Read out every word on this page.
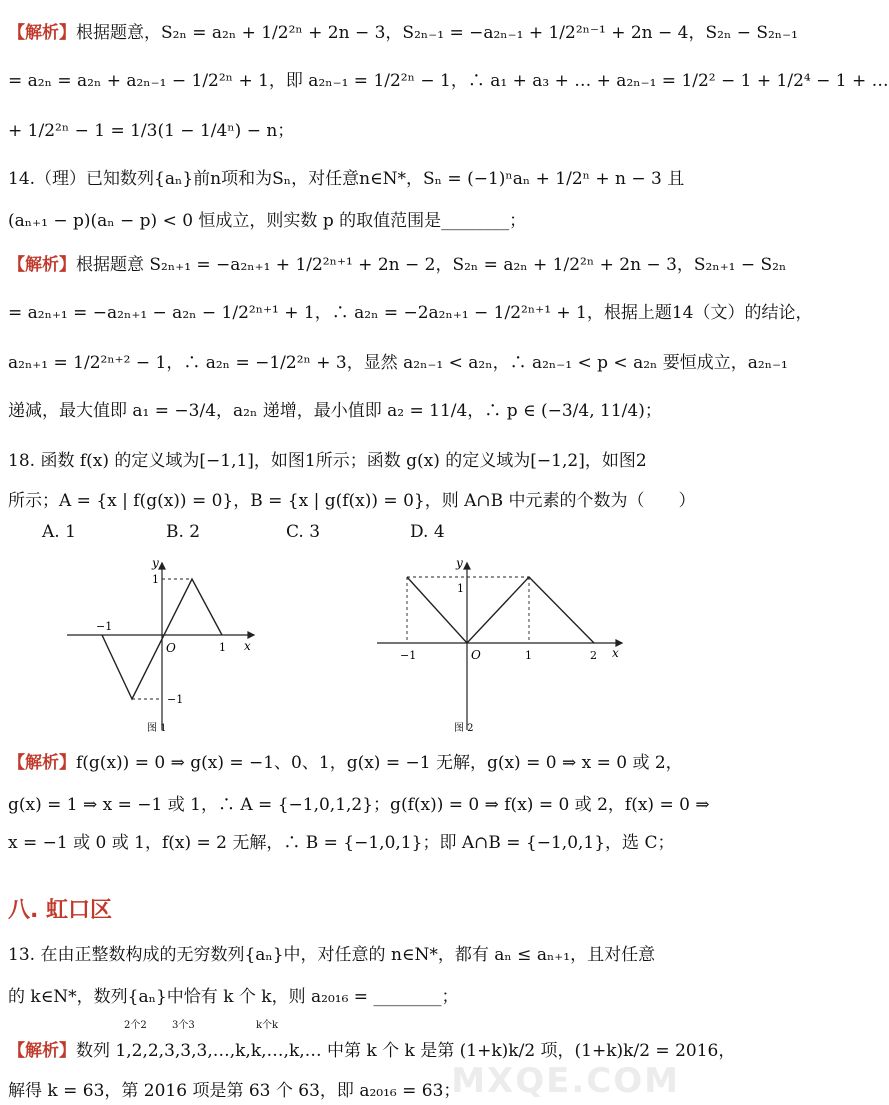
【解析】根据题意，S₂ₙ = a₂ₙ + 1/2²ⁿ + 2n − 3，S₂ₙ₋₁ = −a₂ₙ₋₁ + 1/2²ⁿ⁻¹ + 2n − 4，S₂ₙ − S₂ₙ₋₁
= a₂ₙ = a₂ₙ + a₂ₙ₋₁ − 1/2²ⁿ + 1，即 a₂ₙ₋₁ = 1/2²ⁿ − 1，∴ a₁ + a₃ + … + a₂ₙ₋₁ = 1/2² − 1 + 1/2⁴ − 1 + …
+ 1/2²ⁿ − 1 = 1/3(1 − 1/4ⁿ) − n；
14.（理）已知数列{aₙ}前n项和为Sₙ，对任意n∈N*，Sₙ = (−1)ⁿaₙ + 1/2ⁿ + n − 3 且
(aₙ₊₁ − p)(aₙ − p) < 0 恒成立，则实数 p 的取值范围是________；
【解析】根据题意 S₂ₙ₊₁ = −a₂ₙ₊₁ + 1/2²ⁿ⁺¹ + 2n − 2，S₂ₙ = a₂ₙ + 1/2²ⁿ + 2n − 3，S₂ₙ₊₁ − S₂ₙ
= a₂ₙ₊₁ = −a₂ₙ₊₁ − a₂ₙ − 1/2²ⁿ⁺¹ + 1，∴ a₂ₙ = −2a₂ₙ₊₁ − 1/2²ⁿ⁺¹ + 1，根据上题14（文）的结论，
a₂ₙ₊₁ = 1/2²ⁿ⁺² − 1，∴ a₂ₙ = −1/2²ⁿ + 3，显然 a₂ₙ₋₁ < a₂ₙ，∴ a₂ₙ₋₁ < p < a₂ₙ 要恒成立，a₂ₙ₋₁
递减，最大值即 a₁ = −3/4，a₂ₙ 递增，最小值即 a₂ = 11/4，∴ p ∈ (−3/4, 11/4)；
18. 函数 f(x) 的定义域为[−1,1]，如图1所示；函数 g(x) 的定义域为[−1,2]，如图2
所示；A = {x | f(g(x)) = 0}，B = {x | g(f(x)) = 0}，则 A∩B 中元素的个数为（　　）
A. 1	B. 2	C. 3	D. 4
y
x
O
−1
1
1
−1
图 1
y
x
O
−1	1	2
1
图 2
【解析】f(g(x)) = 0 ⇒ g(x) = −1、0、1，g(x) = −1 无解，g(x) = 0 ⇒ x = 0 或 2，
g(x) = 1 ⇒ x = −1 或 1，∴ A = {−1,0,1,2}；g(f(x)) = 0 ⇒ f(x) = 0 或 2，f(x) = 0 ⇒
x = −1 或 0 或 1，f(x) = 2 无解，∴ B = {−1,0,1}；即 A∩B = {−1,0,1}，选 C；
八. 虹口区
13. 在由正整数构成的无穷数列{aₙ}中，对任意的 n∈N*，都有 aₙ ≤ aₙ₊₁，且对任意
的 k∈N*，数列{aₙ}中恰有 k 个 k，则 a₂₀₁₆ = ________；
2个2	3个3	k个k
【解析】数列 1,2,2,3,3,3,…,k,k,…,k,… 中第 k 个 k 是第 (1+k)k/2 项，(1+k)k/2 = 2016，
解得 k = 63，第 2016 项是第 63 个 63，即 a₂₀₁₆ = 63；
MXQE.COM
